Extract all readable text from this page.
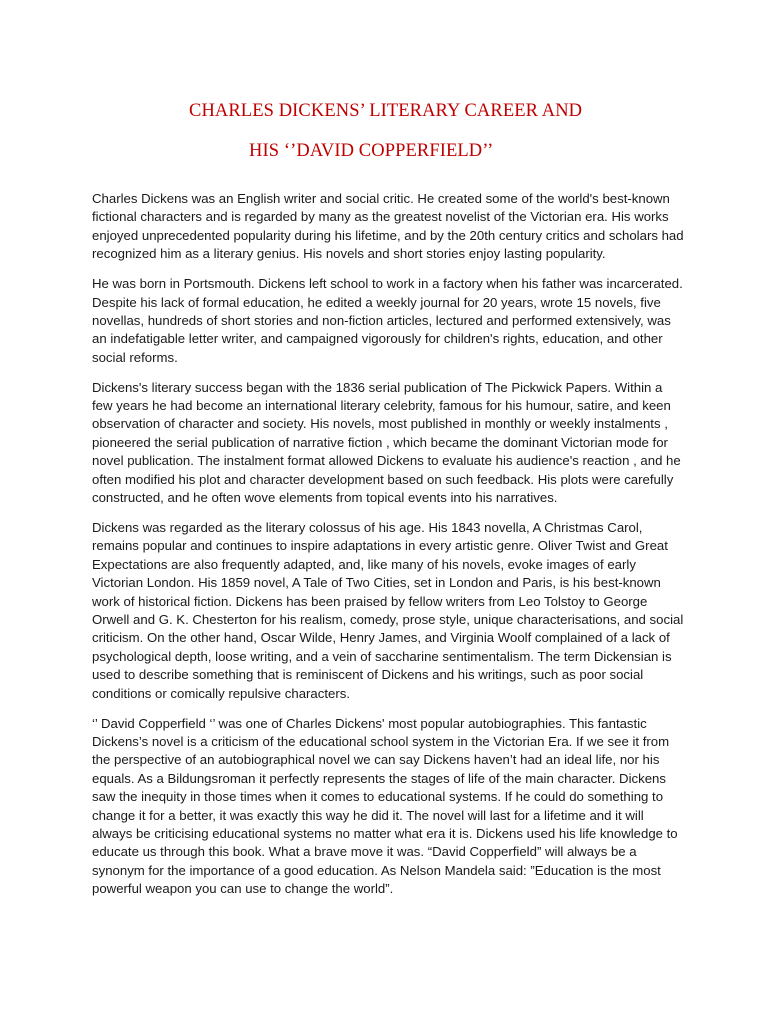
CHARLES DICKENS’ LITERARY CAREER AND
HIS ‘’DAVID COPPERFIELD’’

Charles Dickens was an English writer and social critic. He created some of the world's best-known fictional characters and is regarded by many as the greatest novelist of the Victorian era. His works enjoyed unprecedented popularity during his lifetime, and by the 20th century critics and scholars had recognized him as a literary genius. His novels and short stories enjoy lasting popularity.

He was born in Portsmouth. Dickens left school to work in a factory when his father was incarcerated. Despite his lack of formal education, he edited a weekly journal for 20 years, wrote 15 novels, five novellas, hundreds of short stories and non-fiction articles, lectured and performed extensively, was an indefatigable letter writer, and campaigned vigorously for children's rights, education, and other social reforms.

Dickens's literary success began with the 1836 serial publication of The Pickwick Papers. Within a few years he had become an international literary celebrity, famous for his humour, satire, and keen observation of character and society. His novels, most published in monthly or weekly instalments , pioneered the serial publication of narrative fiction , which became the dominant Victorian mode for novel publication. The instalment format allowed Dickens to evaluate his audience's reaction , and he often modified his plot and character development based on such feedback. His plots were carefully constructed, and he often wove elements from topical events into his narratives.

Dickens was regarded as the literary colossus of his age. His 1843 novella, A Christmas Carol, remains popular and continues to inspire adaptations in every artistic genre. Oliver Twist and Great Expectations are also frequently adapted, and, like many of his novels, evoke images of early Victorian London. His 1859 novel, A Tale of Two Cities, set in London and Paris, is his best-known work of historical fiction. Dickens has been praised by fellow writers from Leo Tolstoy to George Orwell and G. K. Chesterton for his realism, comedy, prose style, unique characterisations, and social criticism. On the other hand, Oscar Wilde, Henry James, and Virginia Woolf complained of a lack of psychological depth, loose writing, and a vein of saccharine sentimentalism. The term Dickensian is used to describe something that is reminiscent of Dickens and his writings, such as poor social conditions or comically repulsive characters.

‘’ David Copperfield ‘’ was one of Charles Dickens' most popular autobiographies. This fantastic Dickens’s novel is a criticism of the educational school system in the Victorian Era. If we see it from the perspective of an autobiographical novel we can say Dickens haven’t had an ideal life, nor his equals. As a Bildungsroman it perfectly represents the stages of life of the main character. Dickens saw the inequity in those times when it comes to educational systems. If he could do something to change it for a better, it was exactly this way he did it. The novel will last for a lifetime and it will always be criticising educational systems no matter what era it is. Dickens used his life knowledge to educate us through this book. What a brave move it was. “David Copperfield” will always be a synonym for the importance of a good education. As Nelson Mandela said: ”Education is the most powerful weapon you can use to change the world”.
